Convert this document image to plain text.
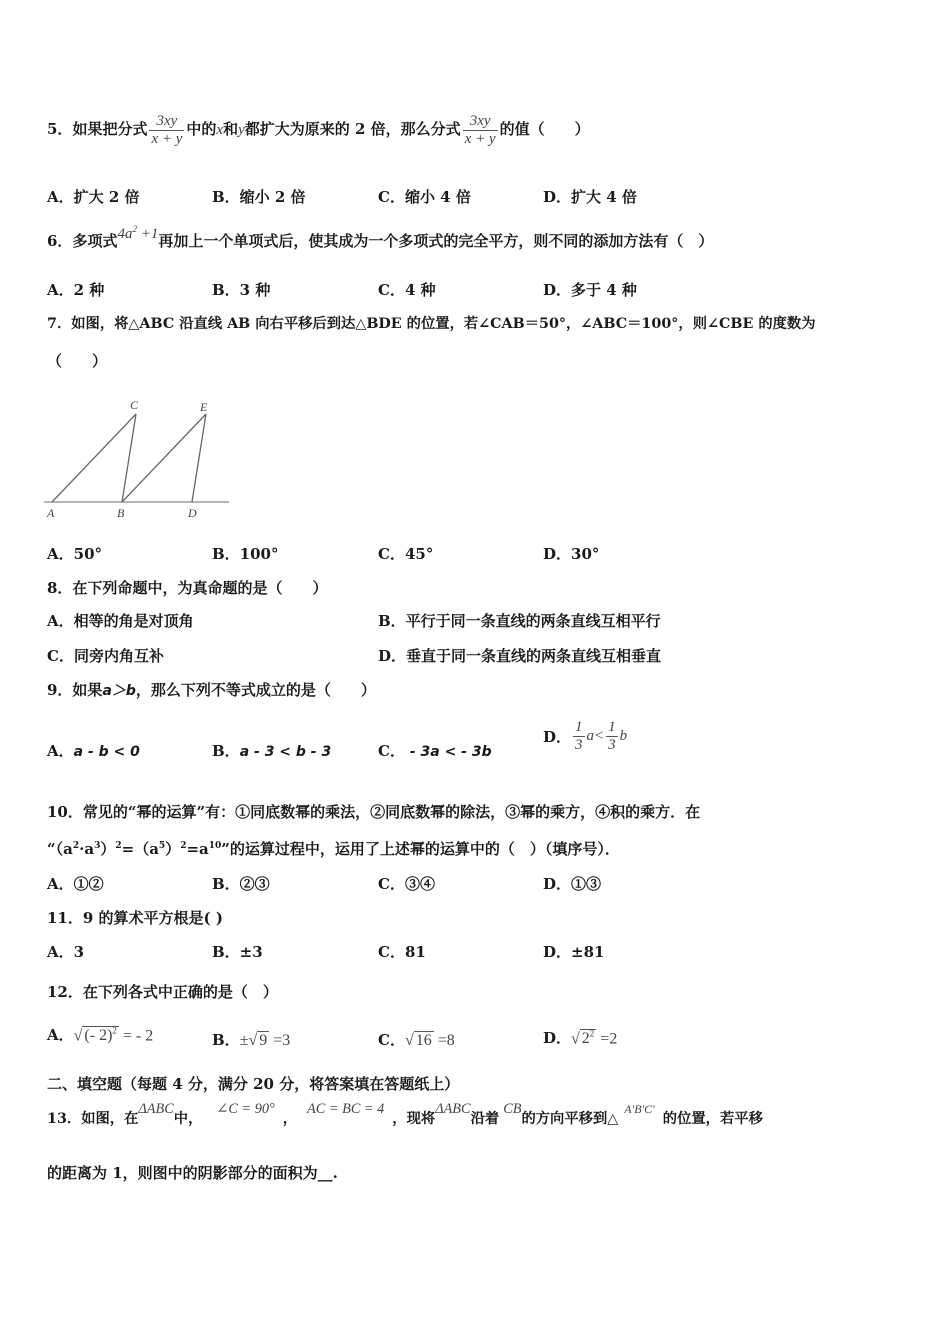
5．如果把分式 $\frac{3xy}{x + y}$ 中的x和y都扩大为原来的 2 倍，那么分式 $\frac{3xy}{x + y}$ 的值（　　）
A．扩大 2 倍	B．缩小 2 倍	C．缩小 4 倍	D．扩大 4 倍
6．多项式$4a^2 +1$再加上一个单项式后，使其成为一个多项式的完全平方，则不同的添加方法有（　）
A．2 种	B．3 种	C．4 种	D．多于 4 种
7．如图，将△ABC 沿直线 AB 向右平移后到达△BDE 的位置，若∠CAB＝50°，∠ABC＝100°，则∠CBE 的度数为
（　　）
C	E
A	B	D
A．50°	B．100°	C．45°	D．30°
8．在下列命题中，为真命题的是（　　）
A．相等的角是对顶角	B．平行于同一条直线的两条直线互相平行
C．同旁内角互补	D．垂直于同一条直线的两条直线互相垂直
9．如果a＞b，那么下列不等式成立的是（　　）
A．a - b < 0	B．a - 3 < b - 3	C． - 3a < - 3b
D． $\frac{1}{3} a< \frac{1}{3}$ b
10．常见的“幂的运算”有：①同底数幂的乘法，②同底数幂的除法，③幂的乘方，④积的乘方．在
“$(a^2\cdot a^3)^2=(a^5)^2=a^{10}$”的运算过程中，运用了上述幂的运算中的（　）（填序号）．
A．①②	B．②③	C．③④	D．①③
11．9 的算术平方根是( )
A．3	B．±3	C．81	D．±81
12．在下列各式中正确的是（　）
A．√ (- 2)$^2$ = - 2	B．±√ 9 =3	C．√ 16 =8	D．√ $2^2 =2$
二、填空题（每题 4 分，满分 20 分，将答案填在答题纸上）
13．如图，在ΔABC中，∠C = 90°，AC = BC = 4，现将ΔABC沿着CB的方向平移到△$^{A'B'C'}$的位置，若平移
的距离为 1，则图中的阴影部分的面积为__.
